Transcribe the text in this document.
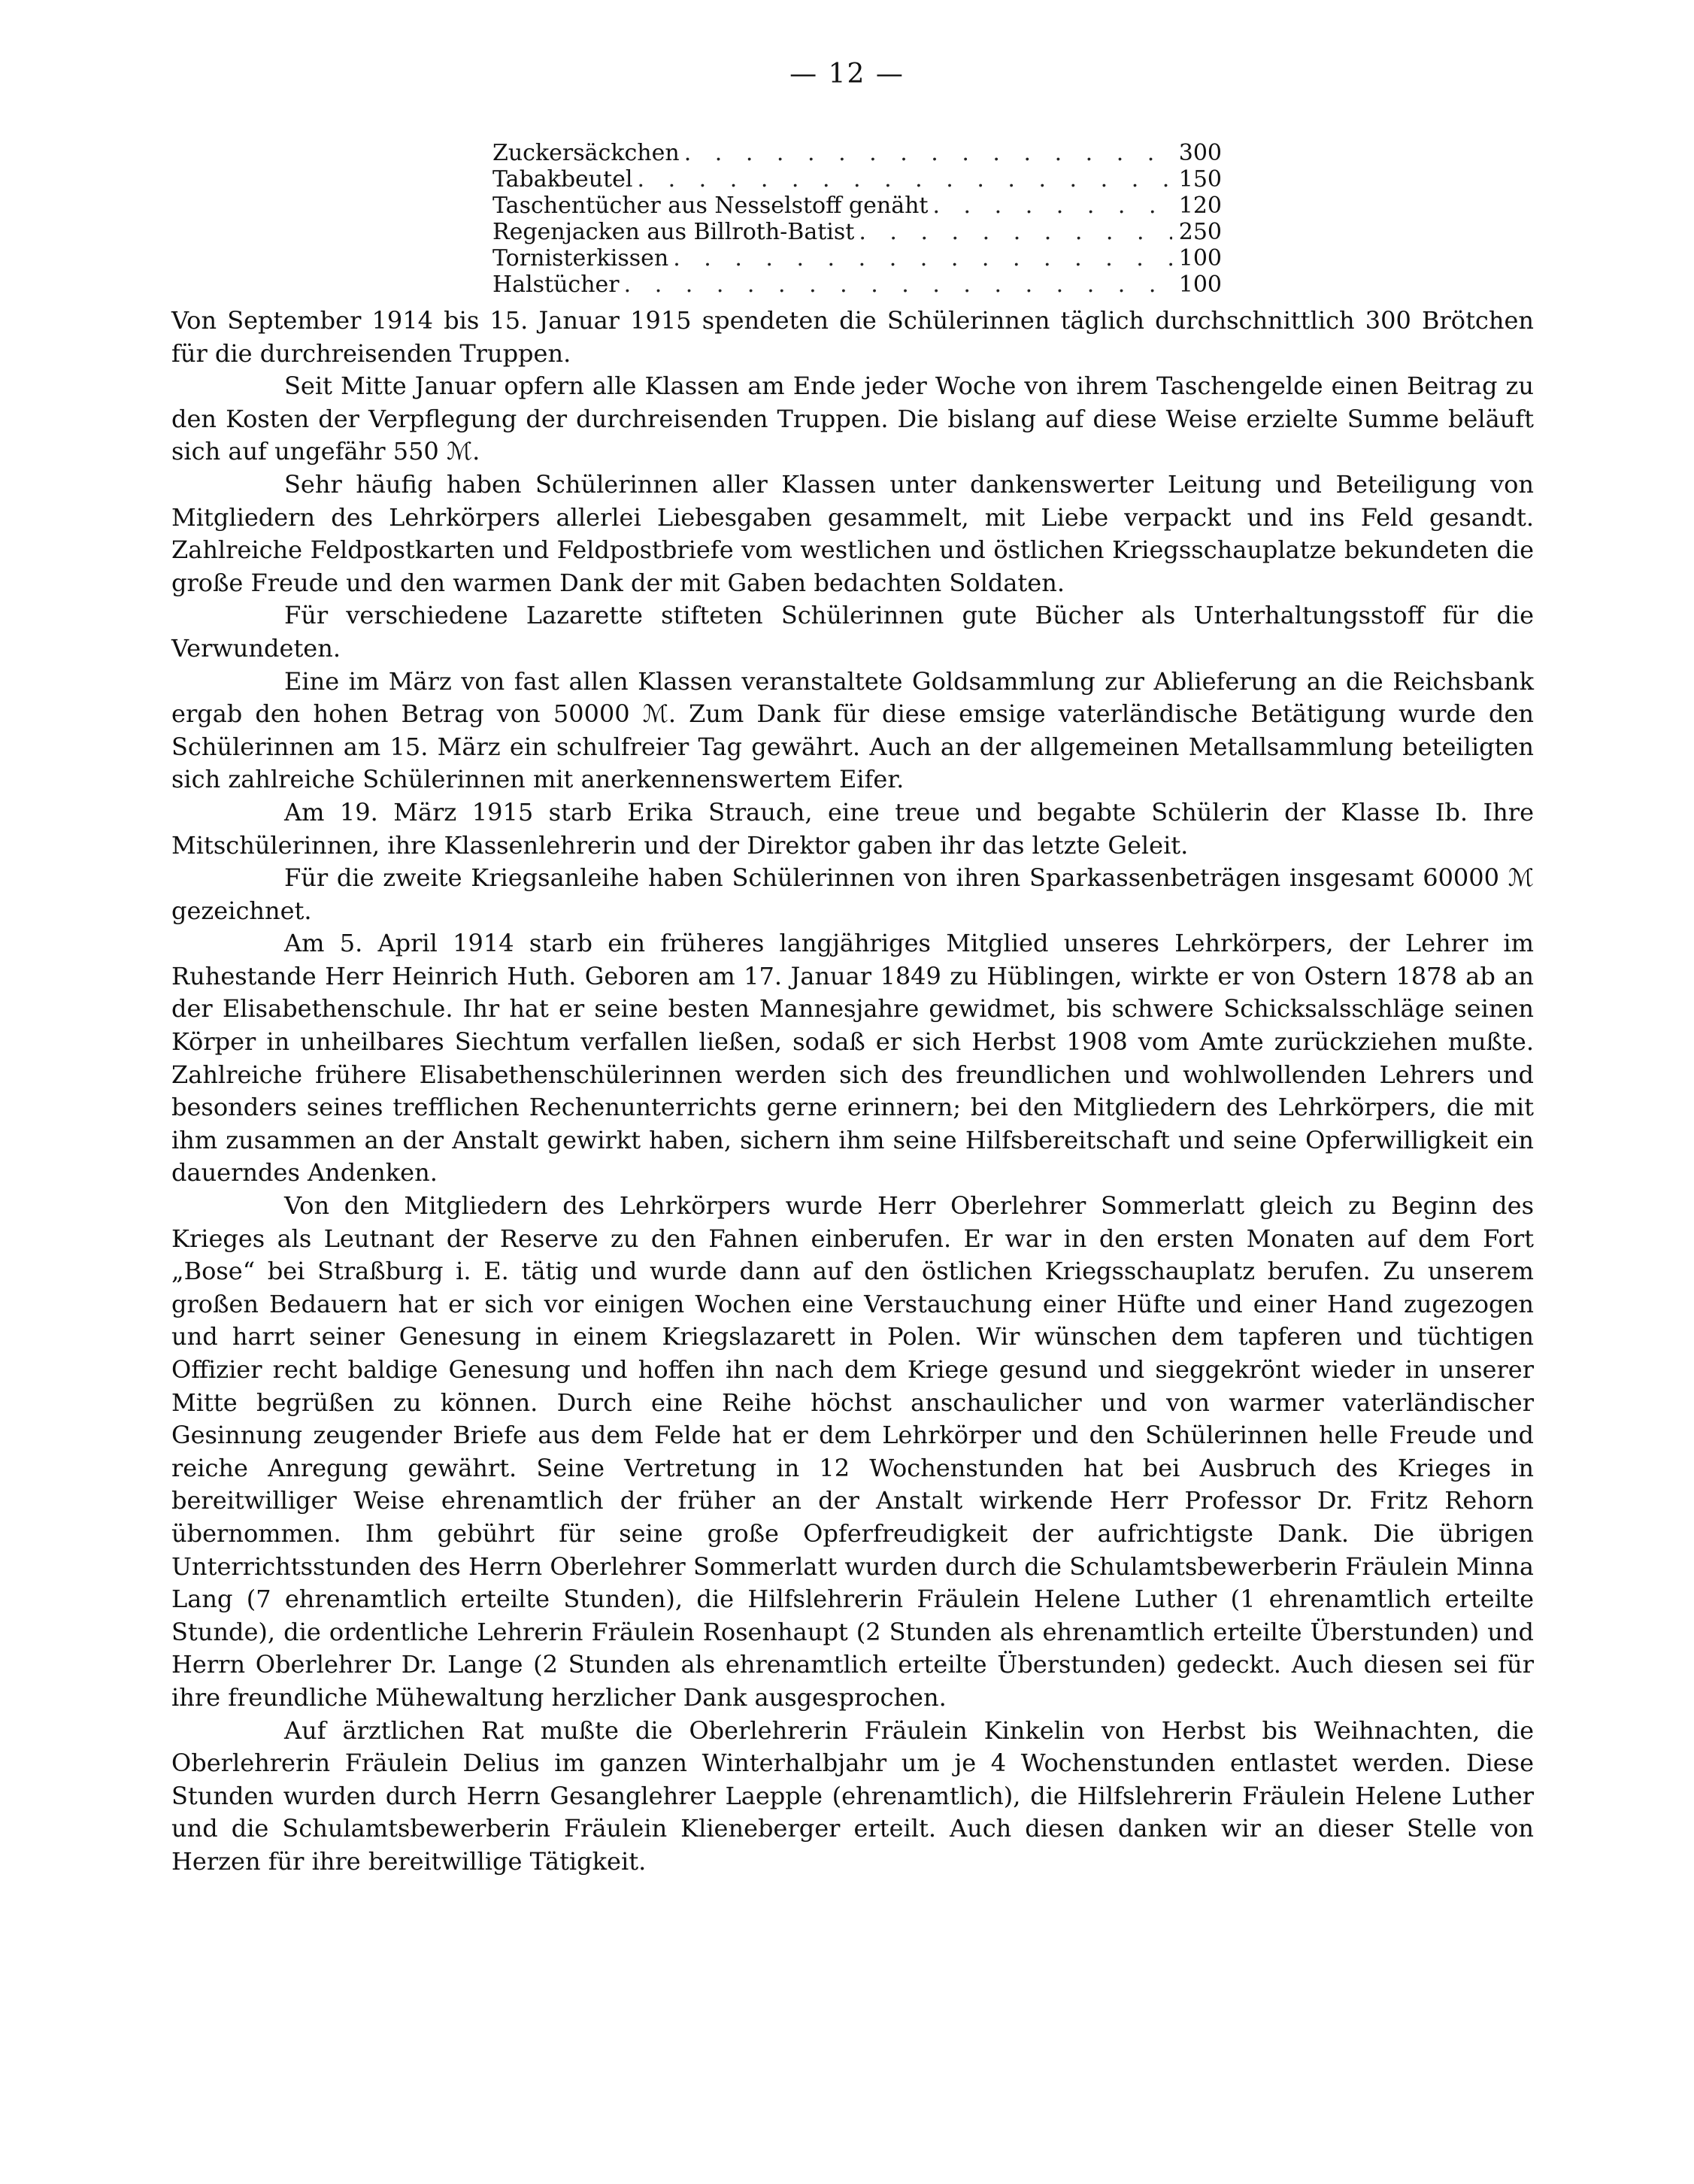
— 12 —
Zuckersäckchen . . .	300
Tabakbeutel . . .	150
Taschentücher aus Nesselstoff genäht . . .	120
Regenjacken aus Billroth-Batist . . .	250
Tornisterkissen . . .	100
Halstücher . . .	100

Von September 1914 bis 15. Januar 1915 spendeten die Schülerinnen täglich durchschnittlich 300 Brötchen für die durchreisenden Truppen.

Seit Mitte Januar opfern alle Klassen am Ende jeder Woche von ihrem Taschengelde einen Beitrag zu den Kosten der Verpflegung der durchreisenden Truppen. Die bislang auf diese Weise erzielte Summe beläuft sich auf ungefähr 550 ℳ.

Sehr häufig haben Schülerinnen aller Klassen unter dankenswerter Leitung und Beteiligung von Mitgliedern des Lehrkörpers allerlei Liebesgaben gesammelt, mit Liebe verpackt und ins Feld gesandt. Zahlreiche Feldpostkarten und Feldpostbriefe vom westlichen und östlichen Kriegsschauplatze bekundeten die große Freude und den warmen Dank der mit Gaben bedachten Soldaten.

Für verschiedene Lazarette stifteten Schülerinnen gute Bücher als Unterhaltungsstoff für die Verwundeten.

Eine im März von fast allen Klassen veranstaltete Goldsammlung zur Ablieferung an die Reichsbank ergab den hohen Betrag von 50000 ℳ. Zum Dank für diese emsige vaterländische Betätigung wurde den Schülerinnen am 15. März ein schulfreier Tag gewährt. Auch an der allgemeinen Metallsammlung beteiligten sich zahlreiche Schülerinnen mit anerkennenswertem Eifer.

Am 19. März 1915 starb Erika Strauch, eine treue und begabte Schülerin der Klasse Ib. Ihre Mitschülerinnen, ihre Klassenlehrerin und der Direktor gaben ihr das letzte Geleit.

Für die zweite Kriegsanleihe haben Schülerinnen von ihren Sparkassenbeträgen insgesamt 60000 ℳ gezeichnet.

Am 5. April 1914 starb ein früheres langjähriges Mitglied unseres Lehrkörpers, der Lehrer im Ruhestande Herr Heinrich Huth. Geboren am 17. Januar 1849 zu Hüblingen, wirkte er von Ostern 1878 ab an der Elisabethenschule. Ihr hat er seine besten Mannesjahre gewidmet, bis schwere Schicksalsschläge seinen Körper in unheilbares Siechtum verfallen ließen, sodaß er sich Herbst 1908 vom Amte zurückziehen mußte. Zahlreiche frühere Elisabethenschülerinnen werden sich des freundlichen und wohlwollenden Lehrers und besonders seines trefflichen Rechenunterrichts gerne erinnern; bei den Mitgliedern des Lehrkörpers, die mit ihm zusammen an der Anstalt gewirkt haben, sichern ihm seine Hilfsbereitschaft und seine Opferwilligkeit ein dauerndes Andenken.

Von den Mitgliedern des Lehrkörpers wurde Herr Oberlehrer Sommerlatt gleich zu Beginn des Krieges als Leutnant der Reserve zu den Fahnen einberufen. Er war in den ersten Monaten auf dem Fort „Bose“ bei Straßburg i. E. tätig und wurde dann auf den östlichen Kriegsschauplatz berufen. Zu unserem großen Bedauern hat er sich vor einigen Wochen eine Verstauchung einer Hüfte und einer Hand zugezogen und harrt seiner Genesung in einem Kriegslazarett in Polen. Wir wünschen dem tapferen und tüchtigen Offizier recht baldige Genesung und hoffen ihn nach dem Kriege gesund und sieggekrönt wieder in unserer Mitte begrüßen zu können. Durch eine Reihe höchst anschaulicher und von warmer vaterländischer Gesinnung zeugender Briefe aus dem Felde hat er dem Lehrkörper und den Schülerinnen helle Freude und reiche Anregung gewährt. Seine Vertretung in 12 Wochenstunden hat bei Ausbruch des Krieges in bereitwilliger Weise ehrenamtlich der früher an der Anstalt wirkende Herr Professor Dr. Fritz Rehorn übernommen. Ihm gebührt für seine große Opferfreudigkeit der aufrichtigste Dank. Die übrigen Unterrichtsstunden des Herrn Oberlehrer Sommerlatt wurden durch die Schulamtsbewerberin Fräulein Minna Lang (7 ehrenamtlich erteilte Stunden), die Hilfslehrerin Fräulein Helene Luther (1 ehrenamtlich erteilte Stunde), die ordentliche Lehrerin Fräulein Rosenhaupt (2 Stunden als ehrenamtlich erteilte Überstunden) und Herrn Oberlehrer Dr. Lange (2 Stunden als ehrenamtlich erteilte Überstunden) gedeckt. Auch diesen sei für ihre freundliche Mühewaltung herzlicher Dank ausgesprochen.

Auf ärztlichen Rat mußte die Oberlehrerin Fräulein Kinkelin von Herbst bis Weihnachten, die Oberlehrerin Fräulein Delius im ganzen Winterhalbjahr um je 4 Wochenstunden entlastet werden. Diese Stunden wurden durch Herrn Gesanglehrer Laepple (ehrenamtlich), die Hilfslehrerin Fräulein Helene Luther und die Schulamtsbewerberin Fräulein Klieneberger erteilt. Auch diesen danken wir an dieser Stelle von Herzen für ihre bereitwillige Tätigkeit.
